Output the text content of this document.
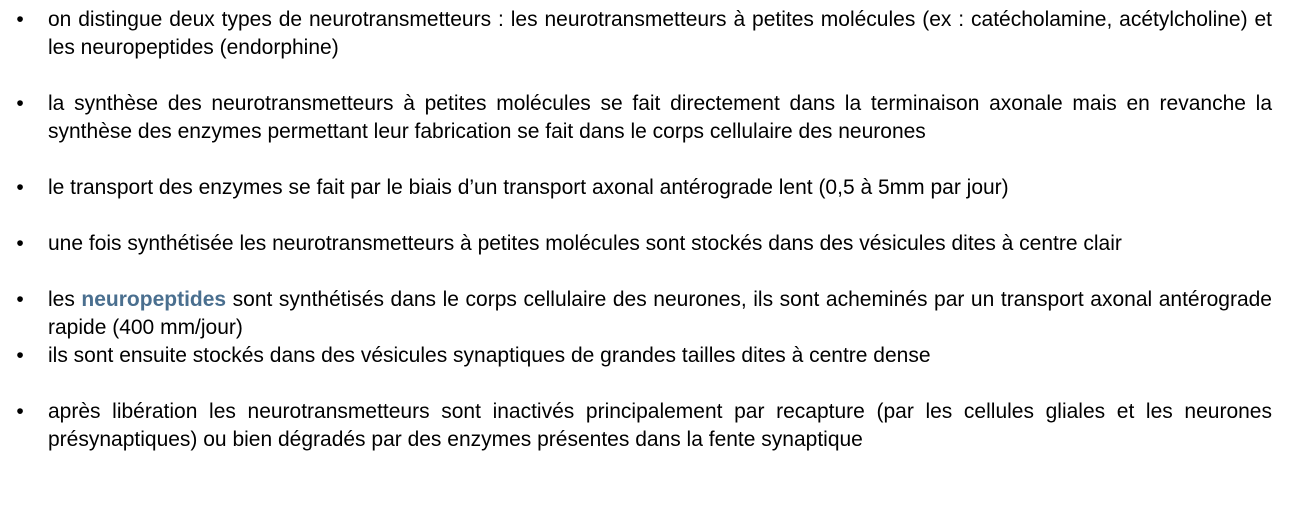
• on distingue deux types de neurotransmetteurs : les neurotransmetteurs à petites molécules (ex : catécholamine, acétylcholine) et les neuropeptides (endorphine)
• la synthèse des neurotransmetteurs à petites molécules se fait directement dans la terminaison axonale mais en revanche la synthèse des enzymes permettant leur fabrication se fait dans le corps cellulaire des neurones
• le transport des enzymes se fait par le biais d’un transport axonal antérograde lent (0,5 à 5mm par jour)
• une fois synthétisée les neurotransmetteurs à petites molécules sont stockés dans des vésicules dites à centre clair
• les neuropeptides sont synthétisés dans le corps cellulaire des neurones, ils sont acheminés par un transport axonal antérograde rapide (400 mm/jour)
• ils sont ensuite stockés dans des vésicules synaptiques de grandes tailles dites à centre dense
• après libération les neurotransmetteurs sont inactivés principalement par recapture (par les cellules gliales et les neurones présynaptiques) ou bien dégradés par des enzymes présentes dans la fente synaptique
